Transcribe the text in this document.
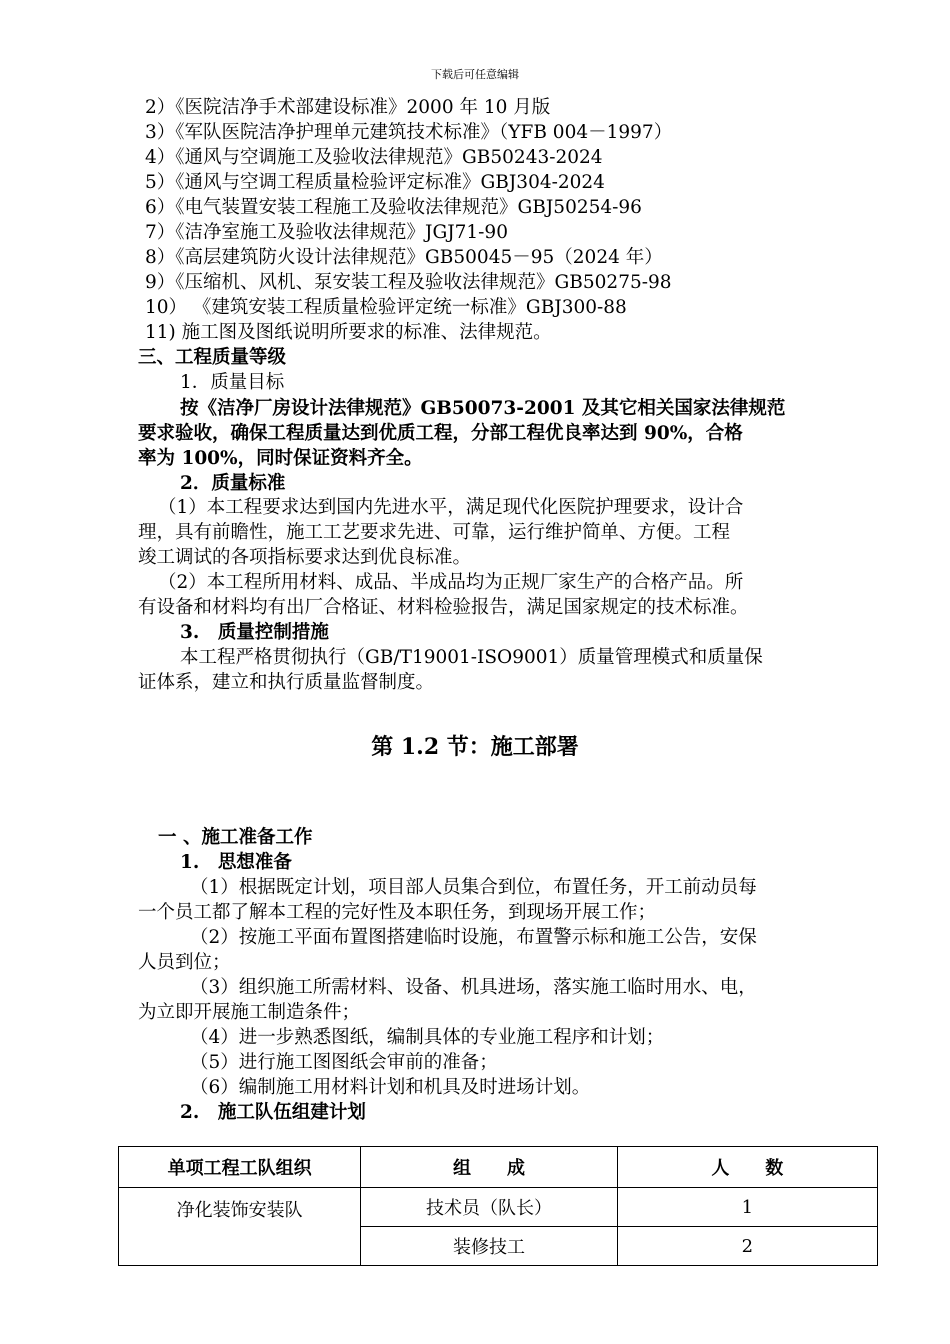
下载后可任意编辑
2）《医院洁净手术部建设标准》2000 年 10 月版
3）《军队医院洁净护理单元建筑技术标准》（YFB 004－1997）
4）《通风与空调施工及验收法律规范》GB50243-2024
5）《通风与空调工程质量检验评定标准》GBJ304-2024
6）《电气装置安装工程施工及验收法律规范》GBJ50254-96
7）《洁净室施工及验收法律规范》JGJ71-90
8）《高层建筑防火设计法律规范》GB50045－95（2024 年）
9）《压缩机、风机、泵安装工程及验收法律规范》GB50275-98
10） 《建筑安装工程质量检验评定统一标准》GBJ300-88
11) 施工图及图纸说明所要求的标准、法律规范。
三、工程质量等级
1．质量目标
按《洁净厂房设计法律规范》GB50073-2001 及其它相关国家法律规范
要求验收，确保工程质量达到优质工程，分部工程优良率达到 90%，合格
率为 100%，同时保证资料齐全。
2．质量标准
（1）本工程要求达到国内先进水平，满足现代化医院护理要求，设计合
理，具有前瞻性，施工工艺要求先进、可靠，运行维护简单、方便。工程
竣工调试的各项指标要求达到优良标准。
（2）本工程所用材料、成品、半成品均为正规厂家生产的合格产品。所
有设备和材料均有出厂合格证、材料检验报告，满足国家规定的技术标准。
3.　质量控制措施
本工程严格贯彻执行（GB/T19001-ISO9001）质量管理模式和质量保
证体系，建立和执行质量监督制度。
第 1.2 节：施工部署
一 、施工准备工作
1.　思想准备
（1）根据既定计划，项目部人员集合到位，布置任务，开工前动员每
一个员工都了解本工程的完好性及本职任务，到现场开展工作；
（2）按施工平面布置图搭建临时设施，布置警示标和施工公告，安保
人员到位；
（3）组织施工所需材料、设备、机具进场，落实施工临时用水、电，
为立即开展施工制造条件；
（4）进一步熟悉图纸，编制具体的专业施工程序和计划；
（5）进行施工图图纸会审前的准备；
（6）编制施工用材料计划和机具及时进场计划。
2.　施工队伍组建计划
单项工程工队组织	组　　成	人　　数
净化装饰安装队	技术员（队长）	1
	装修技工	2
